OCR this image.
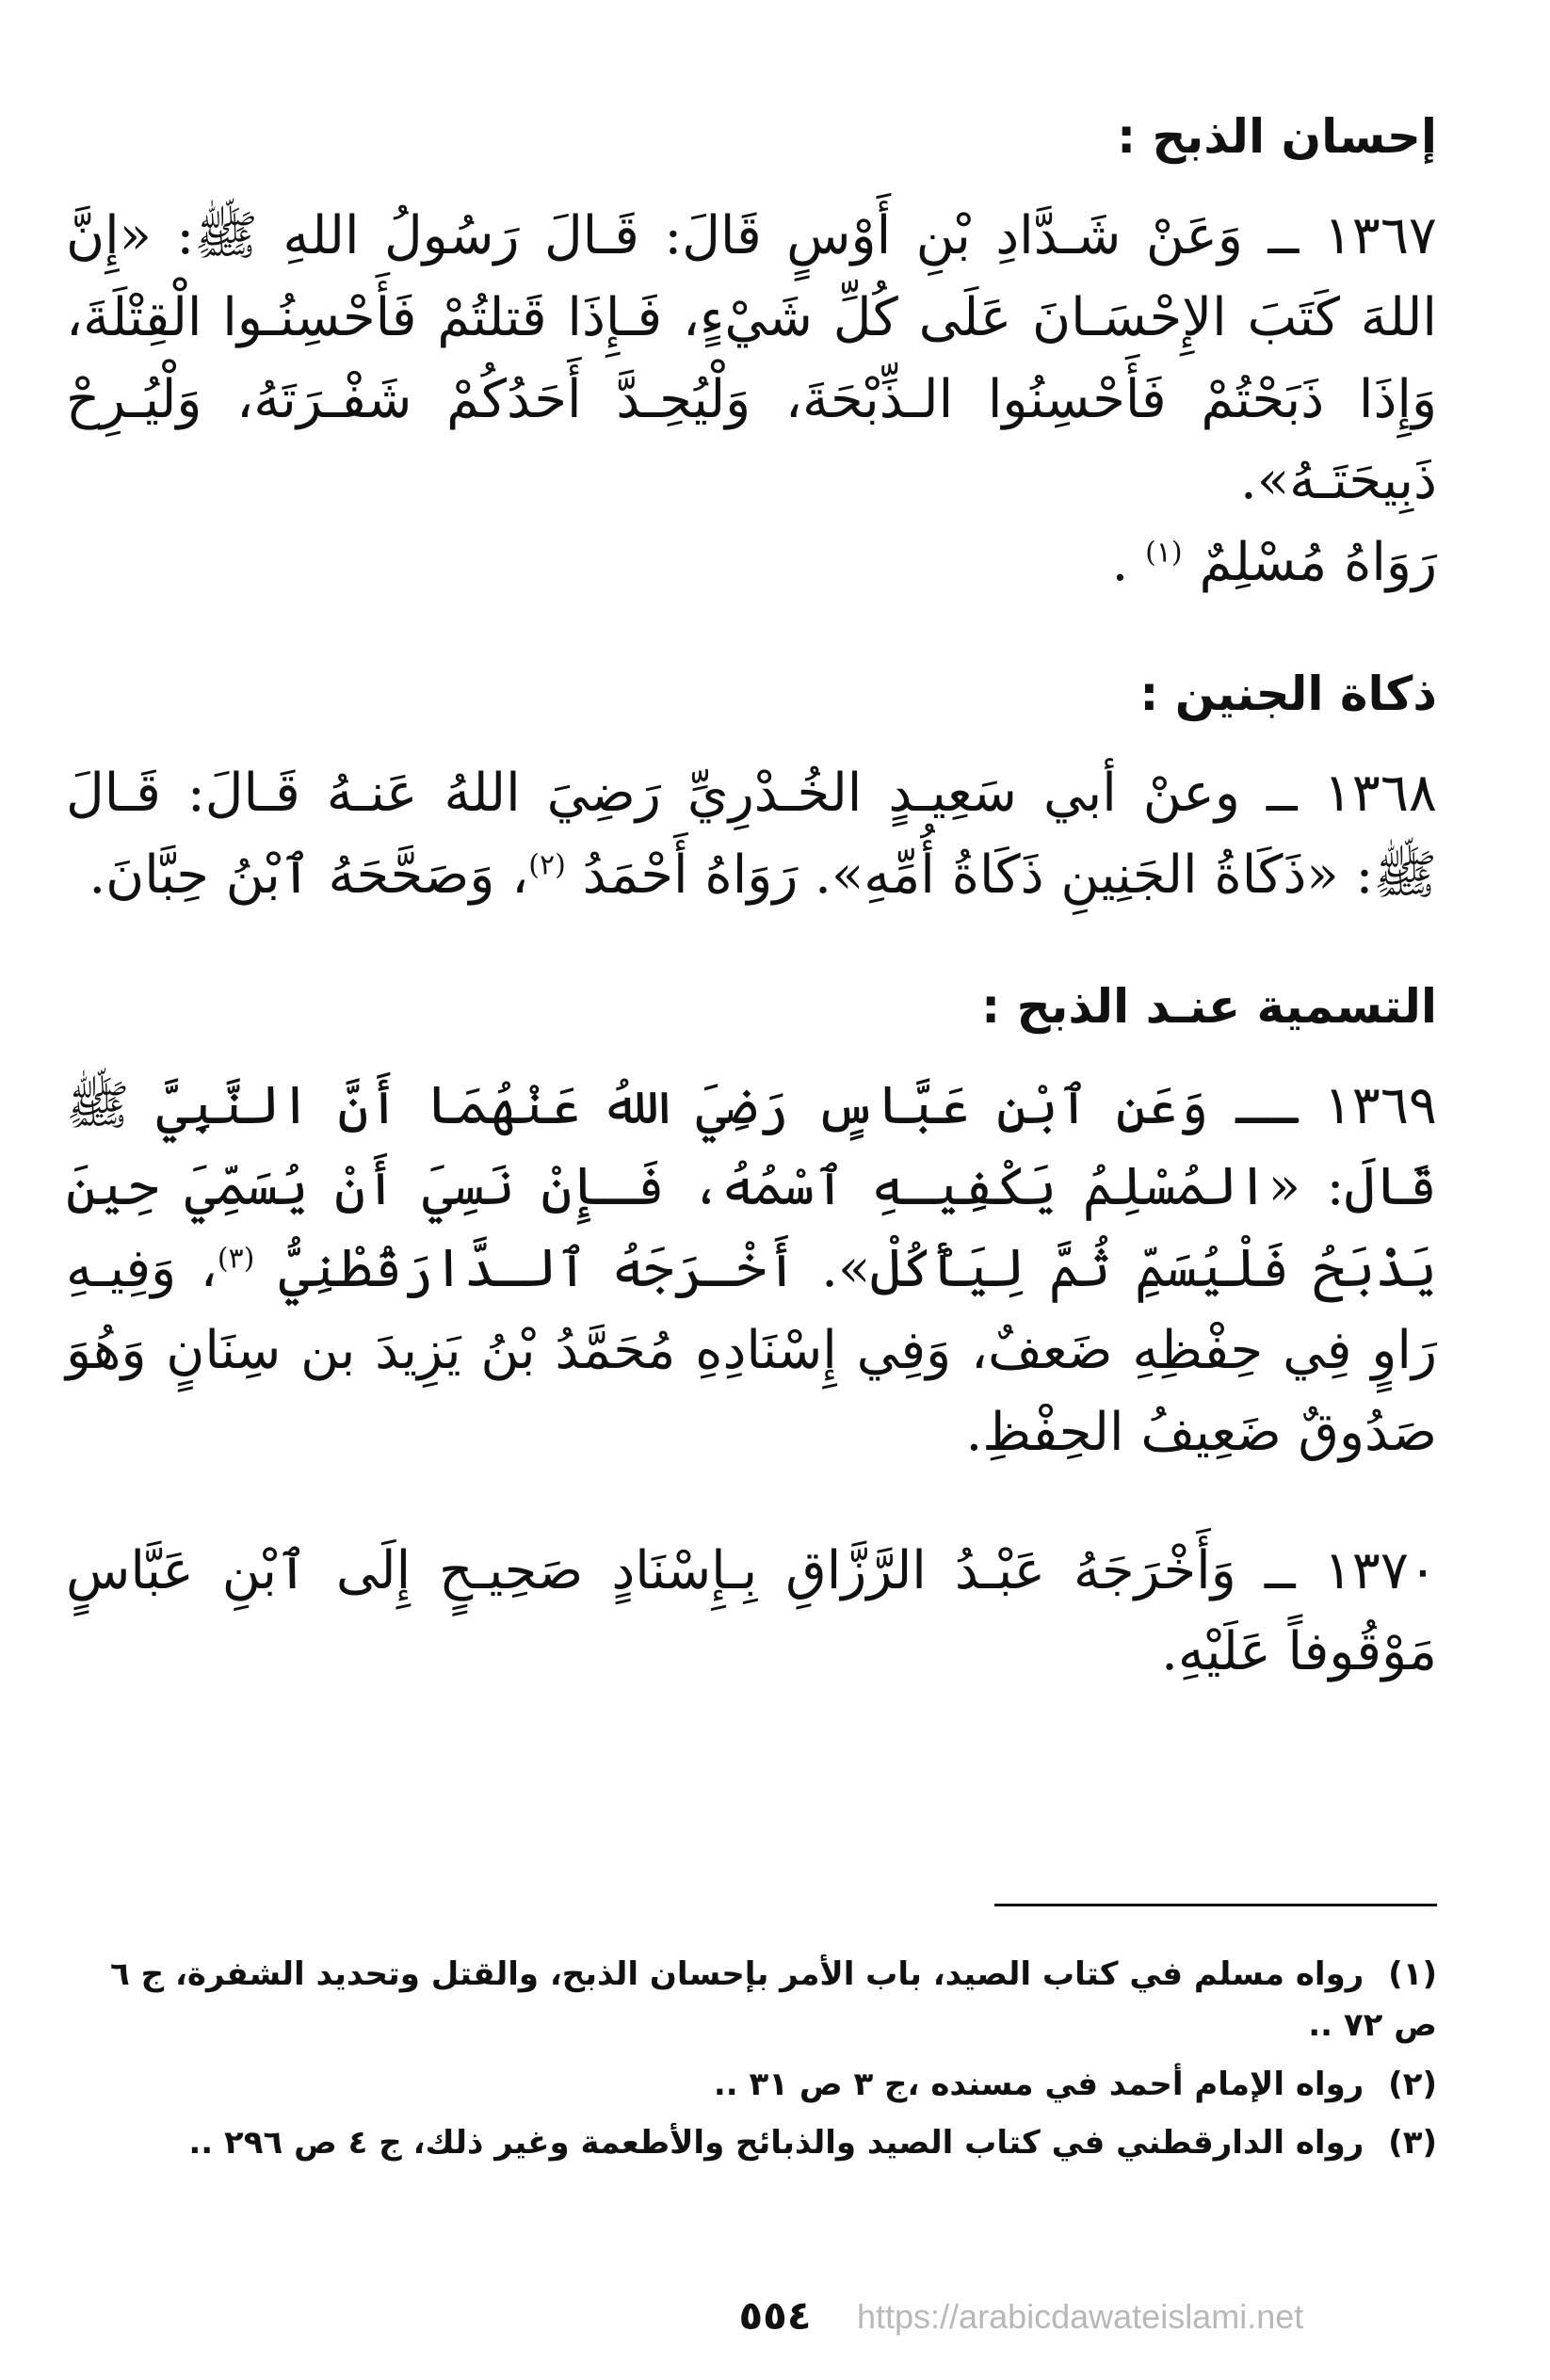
إحسان الذبح :

١٣٦٧ ــ وَعَنْ شَـدَّادِ بْنِ أَوْسٍ قَالَ: قَـالَ رَسُولُ اللهِ ﷺ: «إِنَّ اللهَ كَتَبَ الإِحْسَـانَ عَلَى كُلِّ شَيْءٍ، فَـإِذَا قَتلتُمْ فَأَحْسِنُـوا الْقِتْلَةَ، وَإِذَا ذَبَحْتُمْ فَأَحْسِنُوا الـذِّبْحَةَ، وَلْيُحِـدَّ أَحَدُكُمْ شَفْـرَتَهُ، وَلْيُـرِحْ ذَبِيحَتَـهُ».
رَوَاهُ مُسْلِمٌ $^{(١)}$ .

ذكاة الجنين :

١٣٦٨ ــ وعنْ أبي سَعِيـدٍ الخُـدْرِيِّ رَضِيَ اللهُ عَنـهُ قَـالَ: قَـالَ ﷺ: «ذَكَاةُ الجَنِينِ ذَكَاةُ أُمِّهِ». رَوَاهُ أَحْمَدُ $^{(٢)}$، وَصَحَّحَهُ ٱبْنُ حِبَّانَ.

التسمية عنـد الذبح :

١٣٦٩ ــ وَعَنِ ٱبْنِ عَبَّاسٍ رَضِيَ اللهُ عَنْهُمَا أَنَّ النَّبِيَّ ﷺ قَالَ: «المُسْلِمُ يَكْفِيـهِ ٱسْمُهُ، فَـإِنْ نَسِيَ أَنْ يُسَمِّيَ حِينَ يَذْبَحُ فَلْيُسَمِّ ثُمَّ لِيَأْكُلْ». أَخْـرَجَهُ ٱلـدَّارَقُطْنِيُّ $^{(٣)}$، وَفِيـهِ رَاوٍ فِي حِفْظِهِ ضَعفٌ، وَفِي إِسْنَادِهِ مُحَمَّدُ بْنُ يَزِيدَ بن سِنَانٍ وَهُوَ صَدُوقٌ ضَعِيفُ الحِفْظِ.

١٣٧٠ ــ وَأَخْرَجَهُ عَبْـدُ الرَّزَّاقِ بِـإِسْنَادٍ صَحِيـحٍ إِلَى ٱبْنِ عَبَّاسٍ مَوْقُوفاً عَلَيْهِ.

(١) رواه مسلم في كتاب الصيد، باب الأمر بإحسان الذبح، والقتل وتحديد الشفرة، ج ٦ ص ٧٢ ..

(٢) رواه الإمام أحمد في مسنده ،ج ٣ ص ٣١ ..

(٣) رواه الدارقطني في كتاب الصيد والذبائح والأطعمة وغير ذلك، ج ٤ ص ٢٩٦ ..

٥٥٤	https://arabicdawateislami.net
